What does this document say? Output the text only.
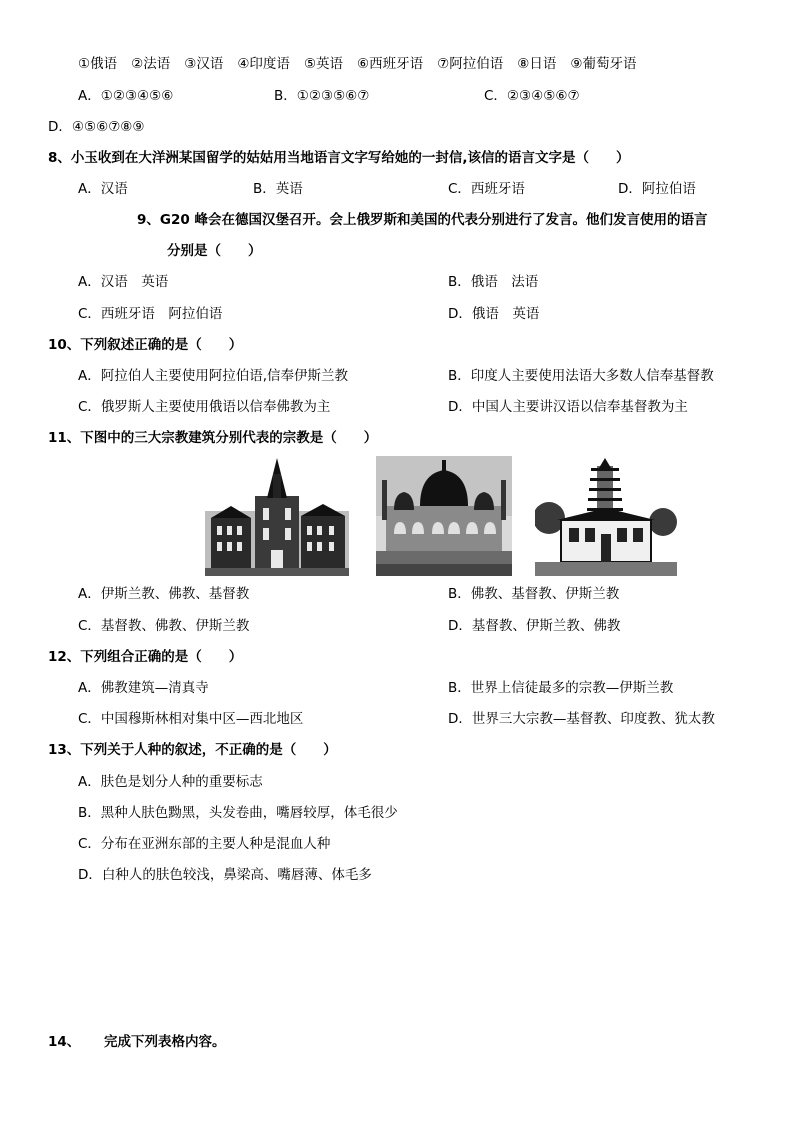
①俄语 ②法语 ③汉语 ④印度语 ⑤英语 ⑥西班牙语 ⑦阿拉伯语 ⑧日语 ⑨葡萄牙语
A．①②③④⑤⑥	B．①②③⑤⑥⑦	C．②③④⑤⑥⑦
D．④⑤⑥⑦⑧⑨
8、小玉收到在大洋洲某国留学的姑姑用当地语言文字写给她的一封信,该信的语言文字是（　　）
A．汉语	B．英语	C．西班牙语	D．阿拉伯语
9、G20 峰会在德国汉堡召开。会上俄罗斯和美国的代表分别进行了发言。他们发言使用的语言
分别是（　　）
A．汉语　英语	B．俄语　法语
C．西班牙语　阿拉伯语	D．俄语　英语
10、下列叙述正确的是（　　）
A．阿拉伯人主要使用阿拉伯语,信奉伊斯兰教	B．印度人主要使用法语大多数人信奉基督教
C．俄罗斯人主要使用俄语以信奉佛教为主	D．中国人主要讲汉语以信奉基督教为主
11、下图中的三大宗教建筑分别代表的宗教是（　　）
A．伊斯兰教、佛教、基督教	B．佛教、基督教、伊斯兰教
C．基督教、佛教、伊斯兰教	D．基督教、伊斯兰教、佛教
12、下列组合正确的是（　　）
A．佛教建筑—清真寺	B．世界上信徒最多的宗教—伊斯兰教
C．中国穆斯林相对集中区—西北地区	D．世界三大宗教—基督教、印度教、犹太教
13、下列关于人种的叙述，不正确的是（　　）
A．肤色是划分人种的重要标志
B．黑种人肤色黝黑，头发卷曲，嘴唇较厚，体毛很少
C．分布在亚洲东部的主要人种是混血人种
D．白种人的肤色较浅，鼻梁高、嘴唇薄、体毛多
14、 完成下列表格内容。
